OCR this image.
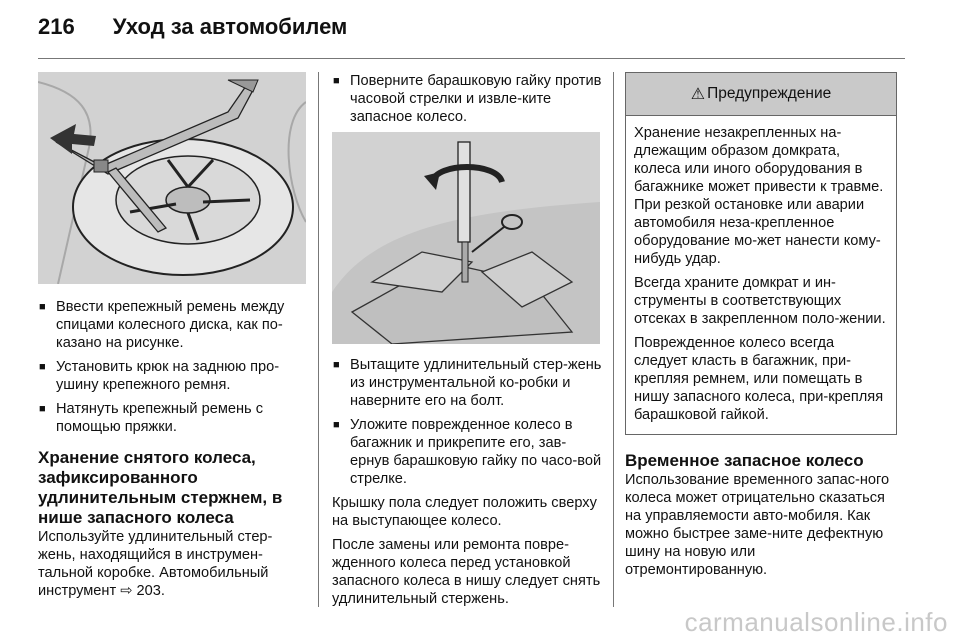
216 Уход за автомобилем
■ Ввести крепежный ремень между спицами колесного диска, как по-казано на рисунке.
■ Установить крюк на заднюю про-ушину крепежного ремня.
■ Натянуть крепежный ремень с помощью пряжки.
Хранение снятого колеса, зафиксированного удлинительным стержнем, в нише запасного колеса

Используйте удлинительный стер-жень, находящийся в инструмен-тальной коробке. Автомобильный инструмент ⇨ 203.

■ Поверните барашковую гайку против часовой стрелки и извле-ките запасное колесо.
■ Вытащите удлинительный стер-жень из инструментальной ко-робки и наверните его на болт.
■ Уложите поврежденное колесо в багажник и прикрепите его, зав-ернув барашковую гайку по часо-вой стрелке.

Крышку пола следует положить сверху на выступающее колесо.

После замены или ремонта повре-жденного колеса перед установкой запасного колеса в нишу следует снять удлинительный стержень.

⚠ Предупреждение

Хранение незакрепленных на-длежащим образом домкрата, колеса или иного оборудования в багажнике может привести к травме. При резкой остановке или аварии автомобиля неза-крепленное оборудование мо-жет нанести кому-нибудь удар.

Всегда храните домкрат и ин-струменты в соответствующих отсеках в закрепленном поло-жении.

Поврежденное колесо всегда следует класть в багажник, при-крепляя ремнем, или помещать в нишу запасного колеса, при-крепляя барашковой гайкой.

Временное запасное колесо

Использование временного запас-ного колеса может отрицательно сказаться на управляемости авто-мобиля. Как можно быстрее заме-ните дефектную шину на новую или отремонтированную.

carmanualsonline.info
